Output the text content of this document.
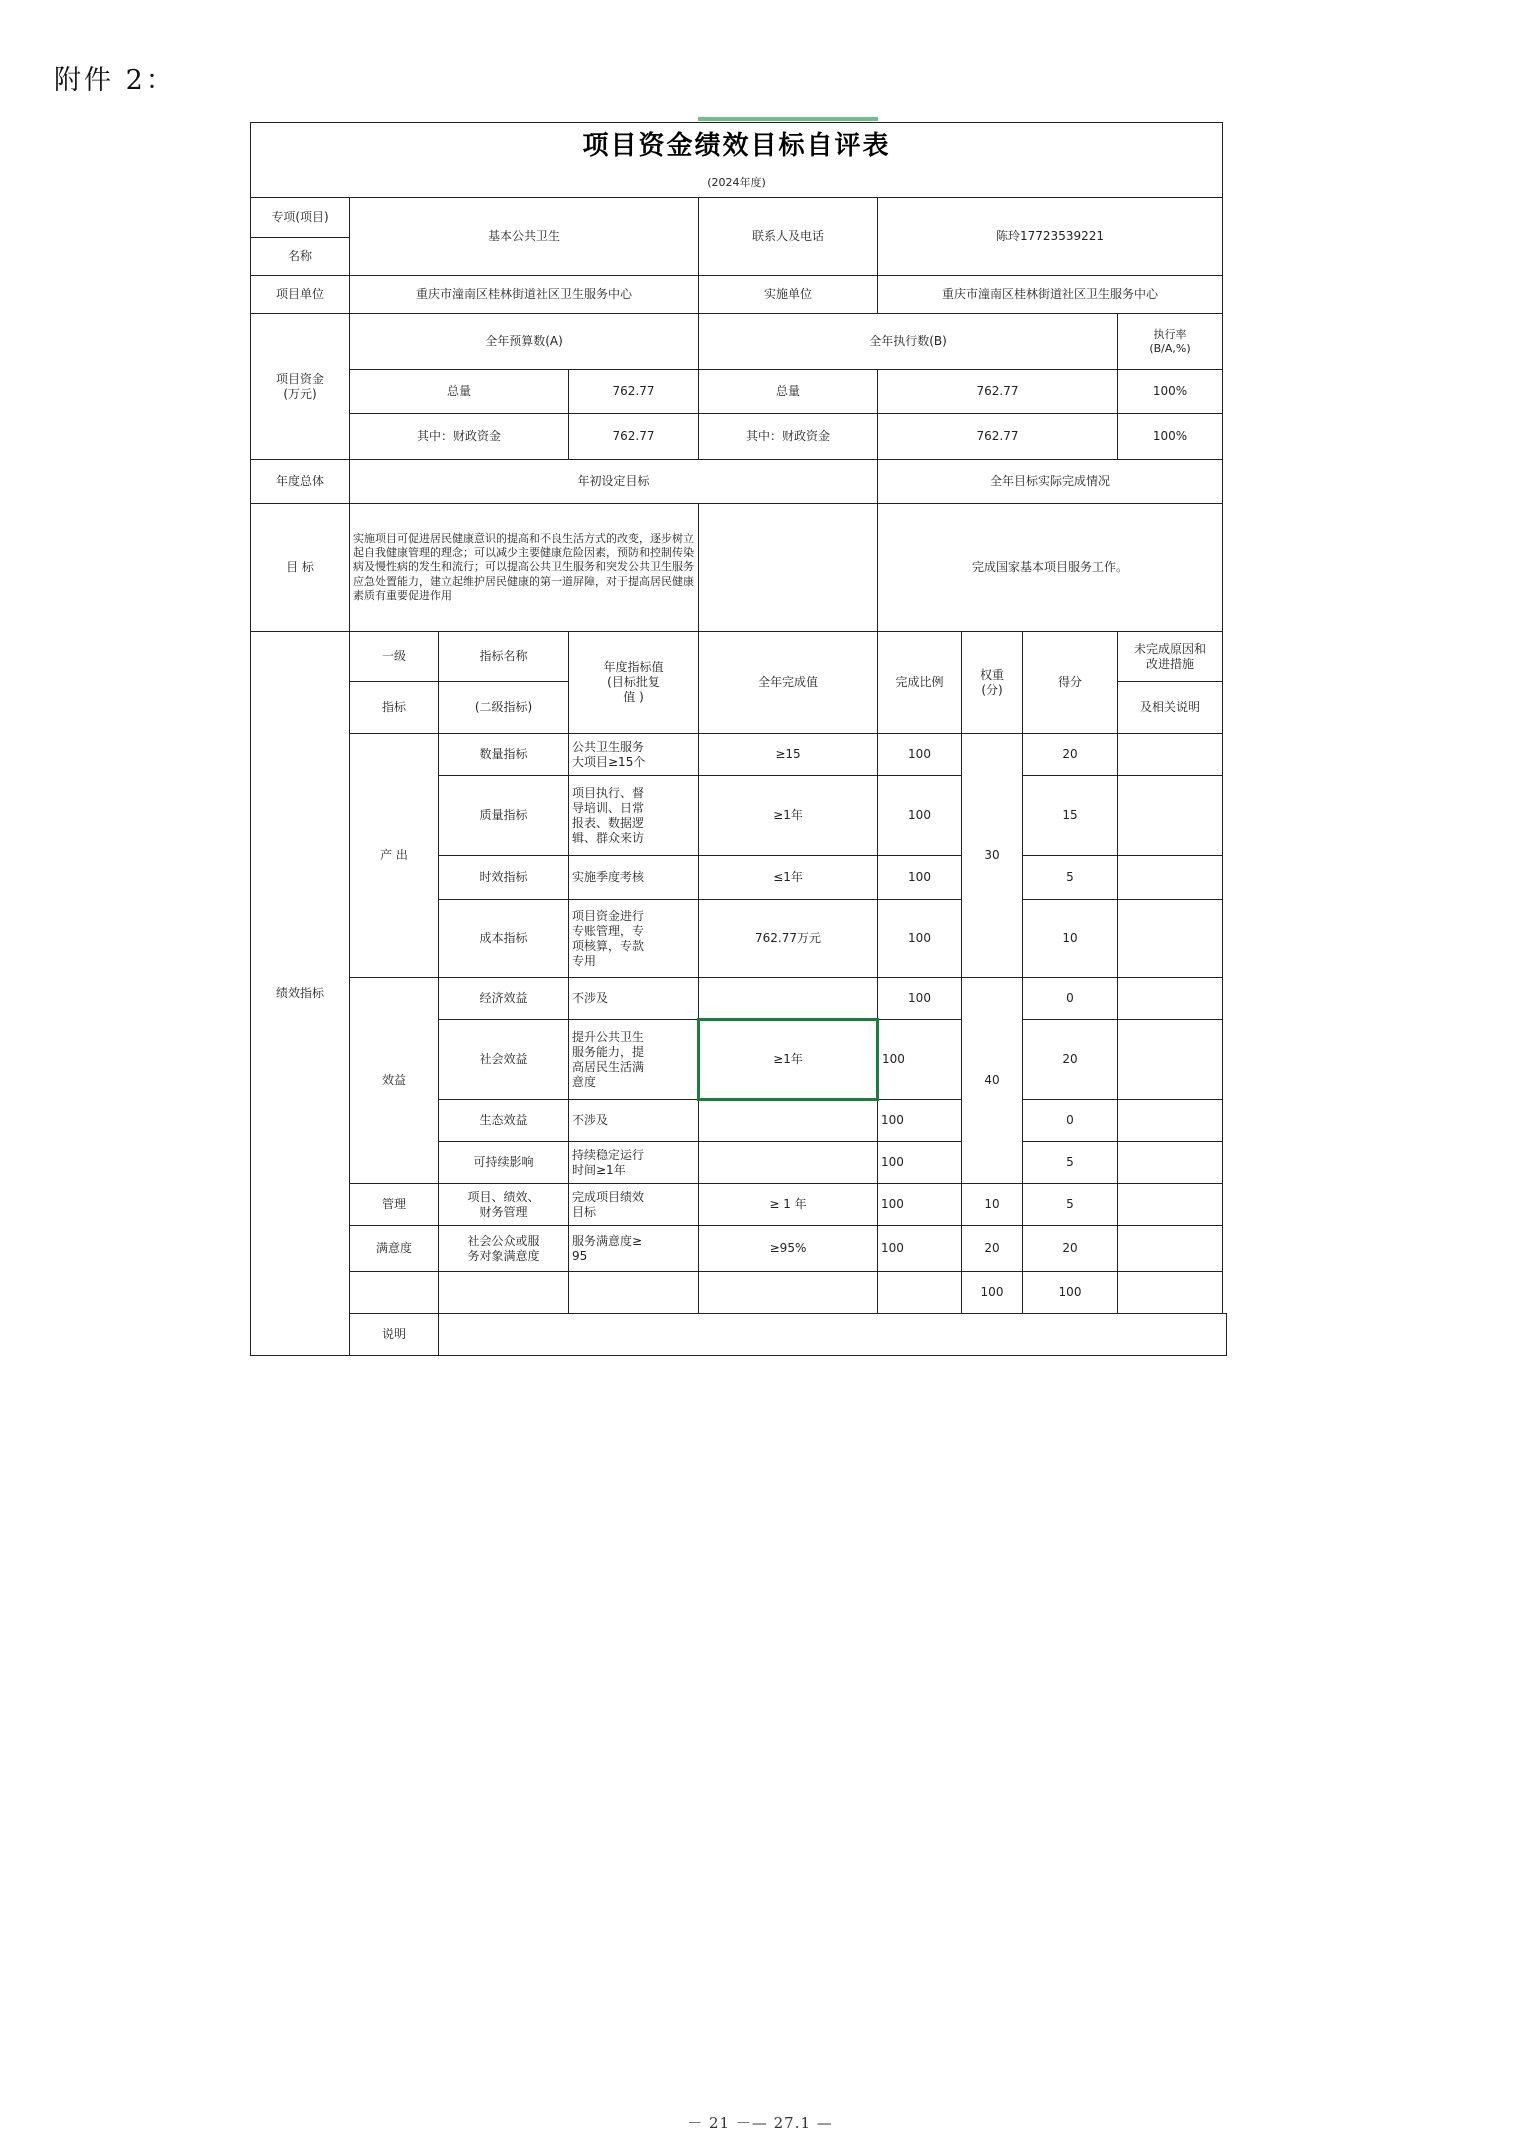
附件 2：
项目资金绩效目标自评表								
(2024年度)								
专项(项目)	基本公共卫生			联系人及电话	陈玲17723539221			
名称								
项目单位	重庆市潼南区桂林街道社区卫生服务中心			实施单位	重庆市潼南区桂林街道社区卫生服务中心			
项目资金
(万元)	全年预算数(A)			全年执行数(B)				执行率
(B/A,%)
	总量		762.77	总量	762.77			100%
	其中：财政资金		762.77	其中：财政资金	762.77			100%
年度总体	年初设定目标				全年目标实际完成情况			
目 标	实施项目可促进居民健康意识的提高和不良生活方式的改变，逐步树立起自我健康管理的理念；可以减少主要健康危险因素，预防和控制传染病及慢性病的发生和流行；可以提高公共卫生服务和突发公共卫生服务应急处置能力，建立起维护居民健康的第一道屏障，对于提高居民健康素质有重要促进作用				完成国家基本项目服务工作。			
绩效指标	一级	指标名称	年度指标值
(目标批复
值 )	全年完成值	完成比例	权重
(分)	得分	未完成原因和
改进措施
	指标	(二级指标)						及相关说明
	产 出	数量指标	公共卫生服务
大项目≥15个	≥15	100	30	20	
		质量指标	项目执行、督
导培训、日常
报表、数据逻
辑、群众来访	≥1年	100		15	
		时效指标	实施季度考核	≤1年	100		5	
		成本指标	项目资金进行
专账管理，专
项核算，专款
专用	762.77万元	100		10	
	效益	经济效益	不涉及		100	40	0	
		社会效益	提升公共卫生
服务能力，提
高居民生活满
意度	≥1年	100		20	
		生态效益	不涉及		100		0	
		可持续影响	持续稳定运行
时间≥1年		100		5	
	管理	项目、绩效、
财务管理	完成项目绩效
目标	≥ 1 年	100	10	5	
	满意度	社会公众或服
务对象满意度	服务满意度≥
95	≥95%	100	20	20	
						100	100	
	说明							
－ 21 －— 27.1 —
